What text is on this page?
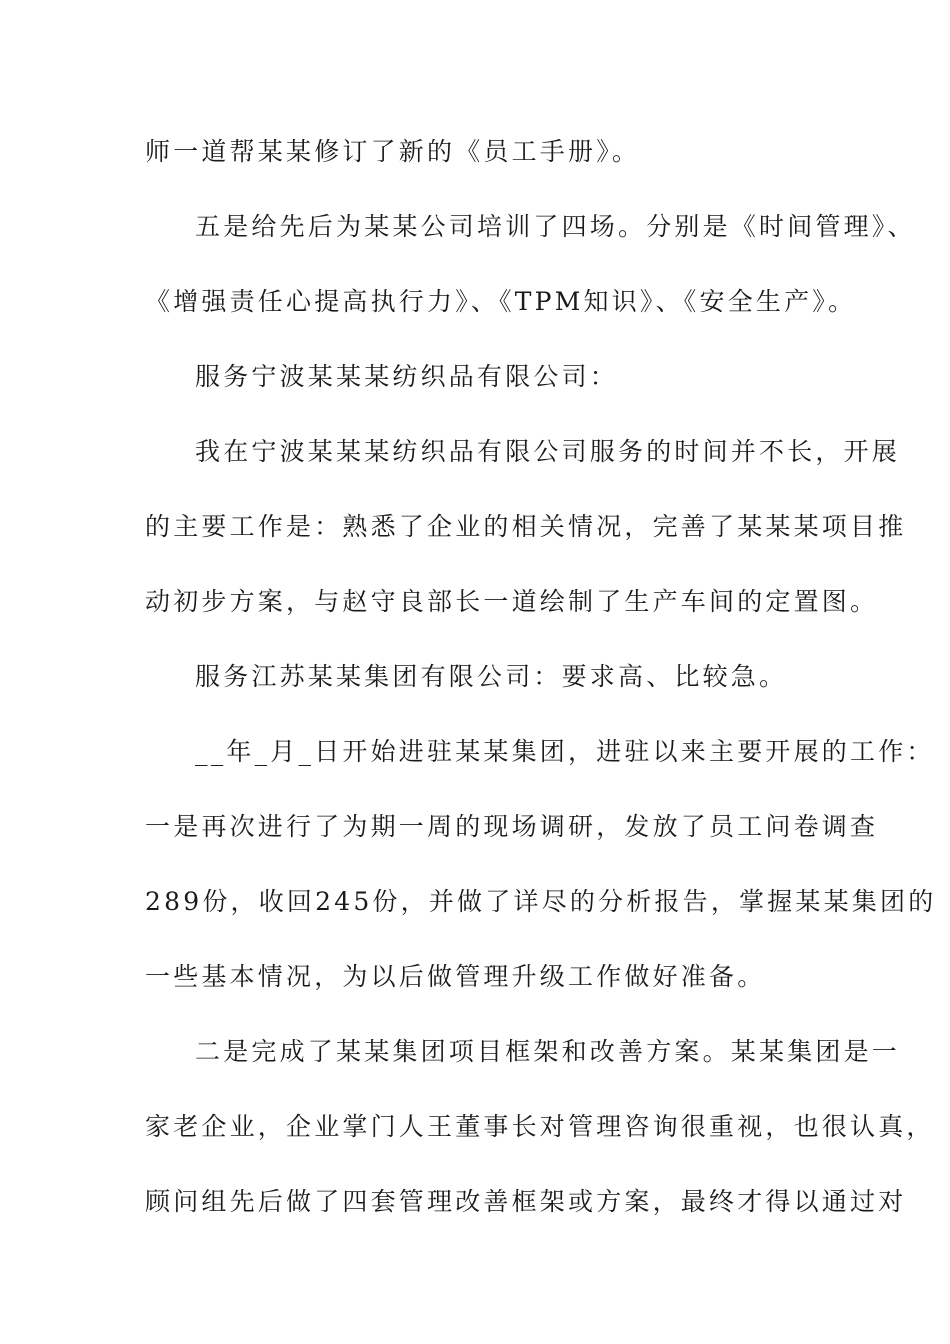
师一道帮某某修订了新的《员工手册》。
五是给先后为某某公司培训了四场。分别是《时间管理》、
《增强责任心提高执行力》、《TPM知识》、《安全生产》。
服务宁波某某某纺织品有限公司：
我在宁波某某某纺织品有限公司服务的时间并不长，开展
的主要工作是：熟悉了企业的相关情况，完善了某某某项目推
动初步方案，与赵守良部长一道绘制了生产车间的定置图。
服务江苏某某集团有限公司：要求高、比较急。
__年_月_日开始进驻某某集团，进驻以来主要开展的工作：
一是再次进行了为期一周的现场调研，发放了员工问卷调查
289份，收回245份，并做了详尽的分析报告，掌握某某集团的
一些基本情况，为以后做管理升级工作做好准备。
二是完成了某某集团项目框架和改善方案。某某集团是一
家老企业，企业掌门人王董事长对管理咨询很重视，也很认真，
顾问组先后做了四套管理改善框架或方案，最终才得以通过对
